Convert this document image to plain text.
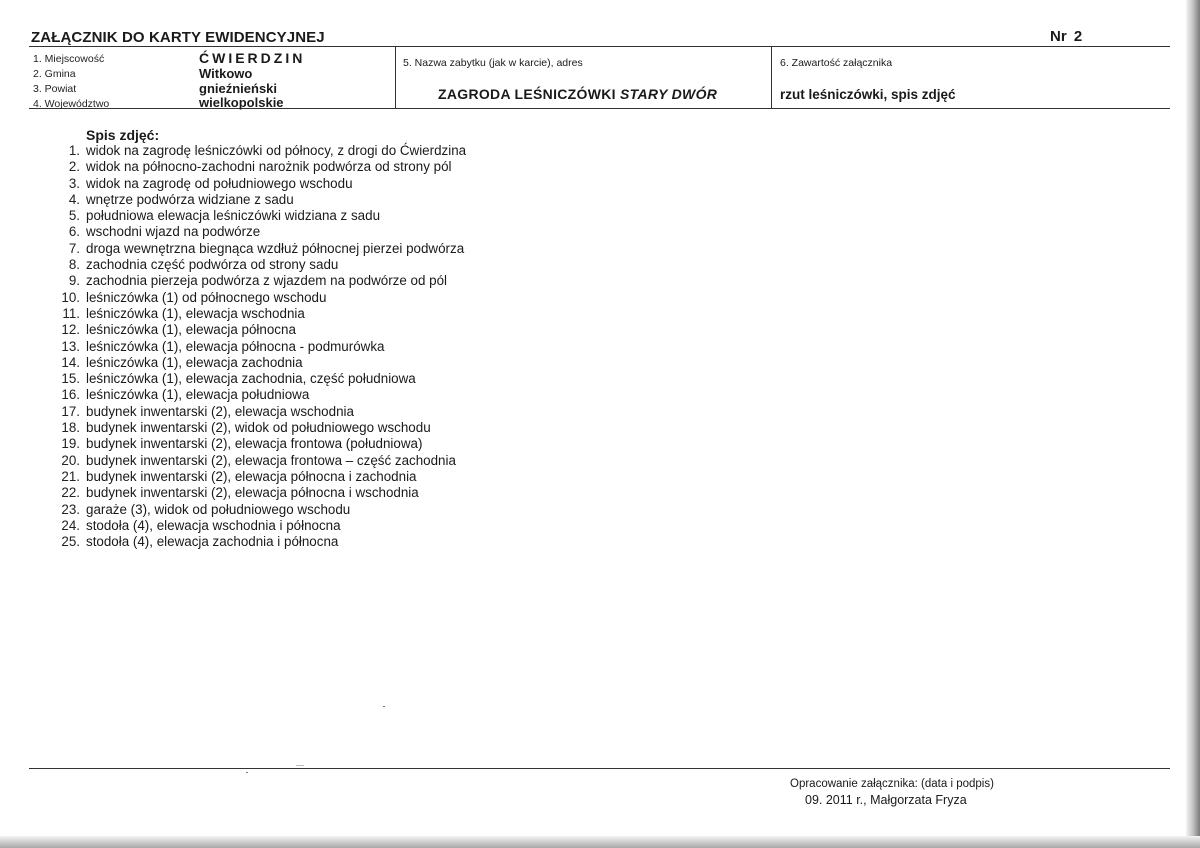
ZAŁĄCZNIK DO KARTY EWIDENCYJNEJ	Nr 2
1. Miejscowość
2. Gmina
3. Powiat
4. Województwo
ĆWIERDZIN
Witkowo
gnieźnieński
wielkopolskie
5. Nazwa zabytku (jak w karcie), adres
ZAGRODA LEŚNICZÓWKI STARY DWÓR
6. Zawartość załącznika
rzut leśniczówki, spis zdjęć
Spis zdjęć:
1. widok na zagrodę leśniczówki od północy, z drogi do Ćwierdzina
2. widok na północno-zachodni narożnik podwórza od strony pól
3. widok na zagrodę od południowego wschodu
4. wnętrze podwórza widziane z sadu
5. południowa elewacja leśniczówki widziana z sadu
6. wschodni wjazd na podwórze
7. droga wewnętrzna biegnąca wzdłuż północnej pierzei podwórza
8. zachodnia część podwórza od strony sadu
9. zachodnia pierzeja podwórza z wjazdem na podwórze od pól
10. leśniczówka (1) od północnego wschodu
11. leśniczówka (1), elewacja wschodnia
12. leśniczówka (1), elewacja północna
13. leśniczówka (1), elewacja północna - podmurówka
14. leśniczówka (1), elewacja zachodnia
15. leśniczówka (1), elewacja zachodnia, część południowa
16. leśniczówka (1), elewacja południowa
17. budynek inwentarski (2), elewacja wschodnia
18. budynek inwentarski (2), widok od południowego wschodu
19. budynek inwentarski (2), elewacja frontowa (południowa)
20. budynek inwentarski (2), elewacja frontowa – część zachodnia
21. budynek inwentarski (2), elewacja północna i zachodnia
22. budynek inwentarski (2), elewacja północna i wschodnia
23. garaże (3), widok od południowego wschodu
24. stodoła (4), elewacja wschodnia i północna
25. stodoła (4), elewacja zachodnia i północna
Opracowanie załącznika: (data i podpis)
09. 2011 r., Małgorzata Fryza
